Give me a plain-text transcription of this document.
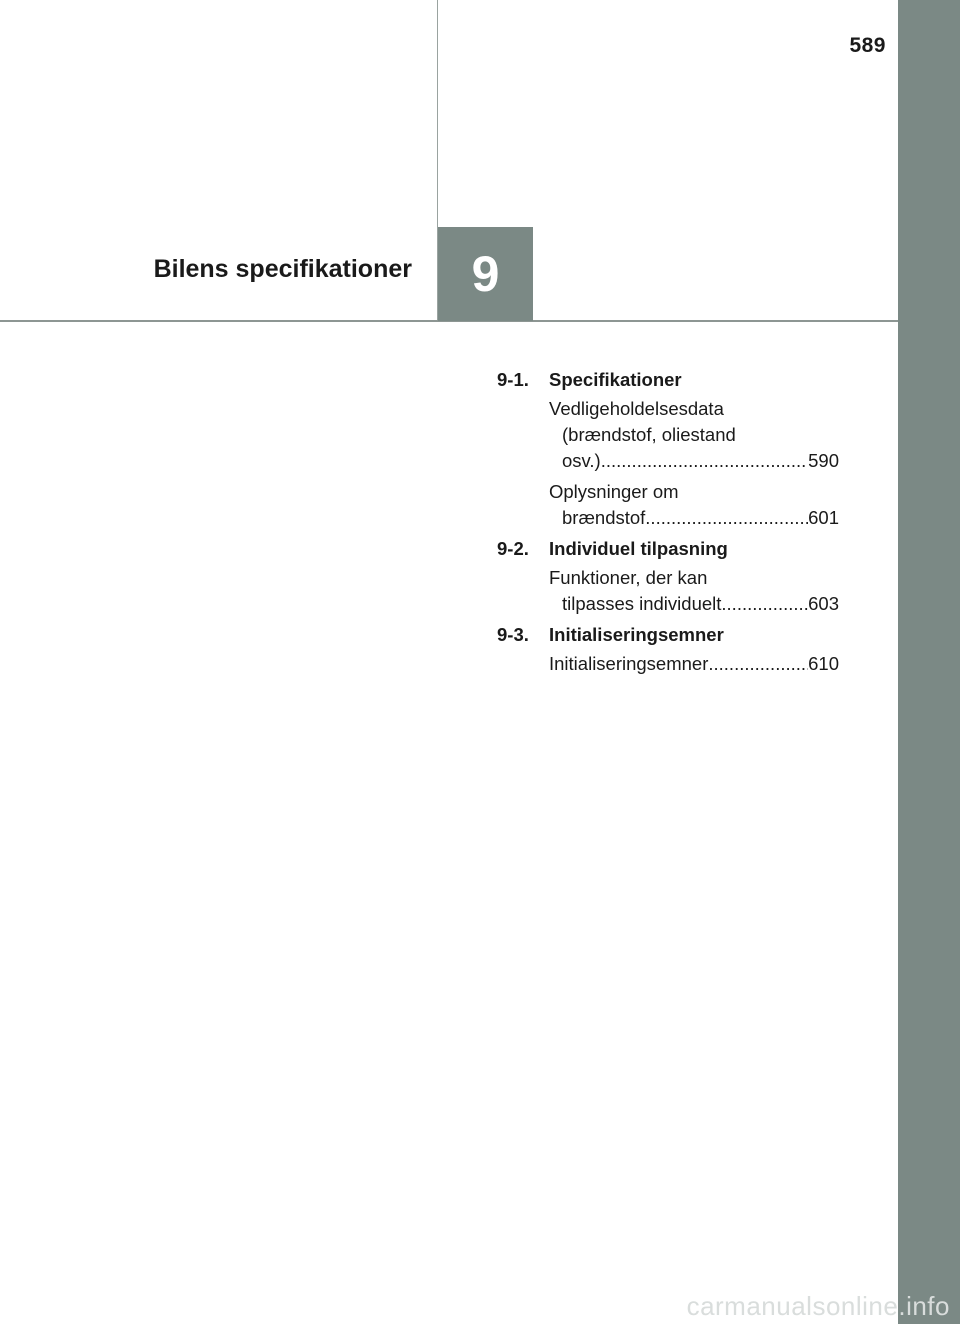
589
Bilens specifikationer 9
9-1.	Specifikationer
Vedligeholdelsesdata
(brændstof, oliestand
osv.) .....	590
Oplysninger om
brændstof .....	601
9-2.	Individuel tilpasning
Funktioner, der kan
tilpasses individuelt .....	603
9-3.	Initialiseringsemner
Initialiseringsemner .....	610
carmanualsonline.info
